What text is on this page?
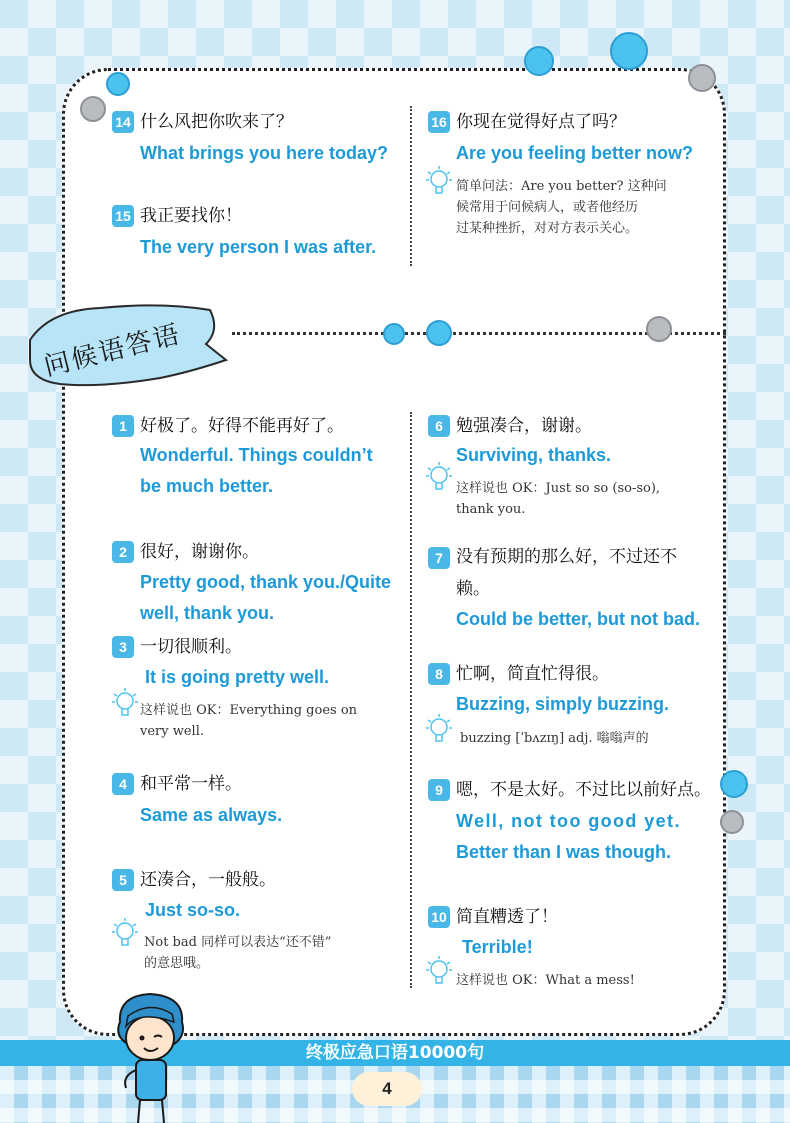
问候语答语
14 什么风把你吹来了？
What brings you here today?
15 我正要找你！
The very person I was after.
16 你现在觉得好点了吗？
Are you feeling better now?
简单问法：Are you better? 这种问
候常用于问候病人，或者他经历
过某种挫折，对对方表示关心。
1 好极了。好得不能再好了。
Wonderful. Things couldn’t
be much better.
2 很好，谢谢你。
Pretty good, thank you./Quite
well, thank you.
3 一切很顺利。
It is going pretty well.
这样说也 OK：Everything goes on
very well.
4 和平常一样。
Same as always.
5 还凑合，一般般。
Just so-so.
Not bad 同样可以表达“还不错”
的意思哦。
6 勉强凑合，谢谢。
Surviving, thanks.
这样说也 OK：Just so so (so-so),
thank you.
7 没有预期的那么好，不过还不
赖。
Could be better, but not bad.
8 忙啊，简直忙得很。
Buzzing, simply buzzing.
buzzing [ˈbʌzɪŋ] adj. 嗡嗡声的
9 嗯，不是太好。不过比以前好点。
Well, not too good yet.
Better than I was though.
10 简直糟透了！
Terrible!
这样说也 OK：What a mess!
终极应急口语10000句
4
